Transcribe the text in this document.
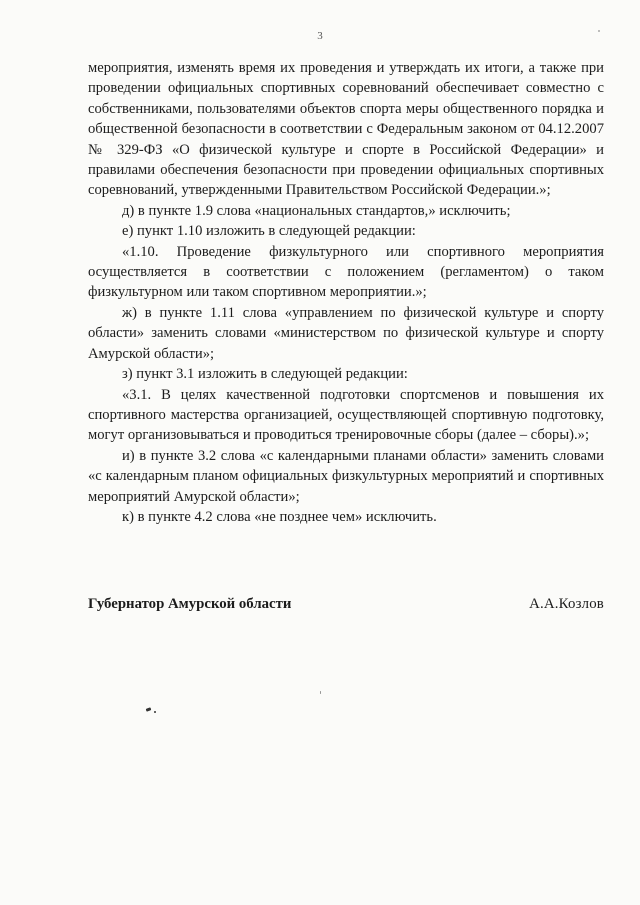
3

мероприятия, изменять время их проведения и утверждать их итоги, а также при проведении официальных спортивных соревнований обеспечивает совместно с собственниками, пользователями объектов спорта меры общественного порядка и общественной безопасности в соответствии с Федеральным законом от 04.12.2007 № 329-ФЗ «О физической культуре и спорте в Российской Федерации» и правилами обеспечения безопасности при проведении официальных спортивных соревнований, утвержденными Правительством Российской Федерации.»;

д) в пункте 1.9 слова «национальных стандартов,» исключить;

е) пункт 1.10 изложить в следующей редакции:

«1.10. Проведение физкультурного или спортивного мероприятия осуществляется в соответствии с положением (регламентом) о таком физкультурном или таком спортивном мероприятии.»;

ж) в пункте 1.11 слова «управлением по физической культуре и спорту области» заменить словами «министерством по физической культуре и спорту Амурской области»;

з) пункт 3.1 изложить в следующей редакции:

«3.1. В целях качественной подготовки спортсменов и повышения их спортивного мастерства организацией, осуществляющей спортивную подготовку, могут организовываться и проводиться тренировочные сборы (далее – сборы).»;

и) в пункте 3.2 слова «с календарными планами области» заменить словами «с календарным планом официальных физкультурных мероприятий и спортивных мероприятий Амурской области»;

к) в пункте 4.2 слова «не позднее чем» исключить.

Губернатор Амурской области	А.А.Козлов
